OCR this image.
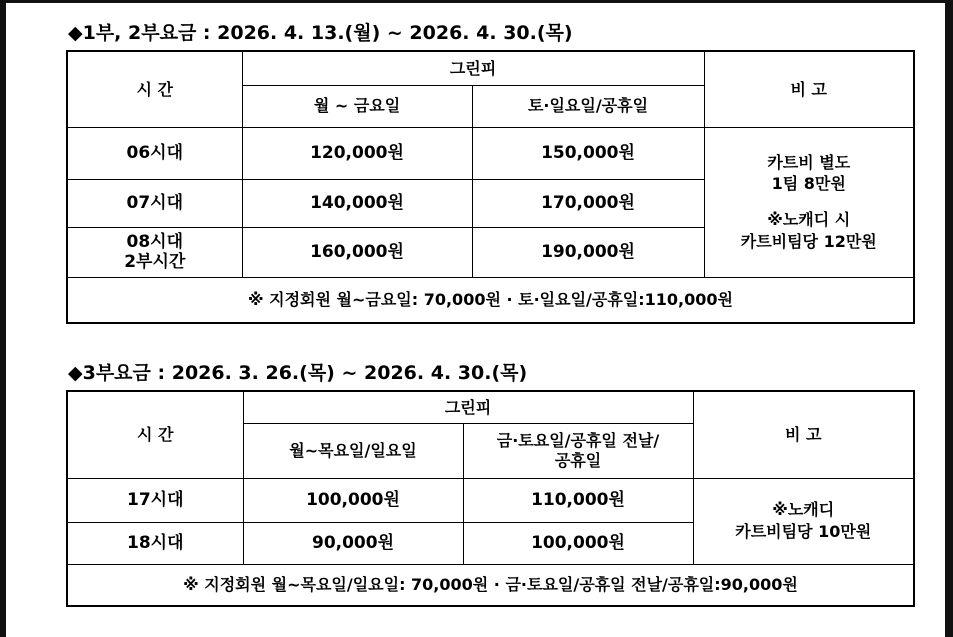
◆1부, 2부요금 : 2026. 4. 13.(월) ~ 2026. 4. 30.(목)
시 간	그린피		비 고
	월 ~ 금요일	토·일요일/공휴일	
06시대	120,000원	150,000원	카트비 별도
1팀 8만원
※노캐디 시
카트비팀당 12만원

07시대	140,000원	170,000원	

08시대
2부시간	160,000원	190,000원	
※ 지정회원 월~금요일: 70,000원 · 토·일요일/공휴일:110,000원			
◆3부요금 : 2026. 3. 26.(목) ~ 2026. 4. 30.(목)
시 간	그린피		비 고
	월~목요일/일요일	금·토요일/공휴일 전날/
공휴일	

17시대	100,000원	110,000원	※노캐디
카트비팀당 10만원

18시대	90,000원	100,000원	
※ 지정회원 월~목요일/일요일: 70,000원 · 금·토요일/공휴일 전날/공휴일:90,000원			
